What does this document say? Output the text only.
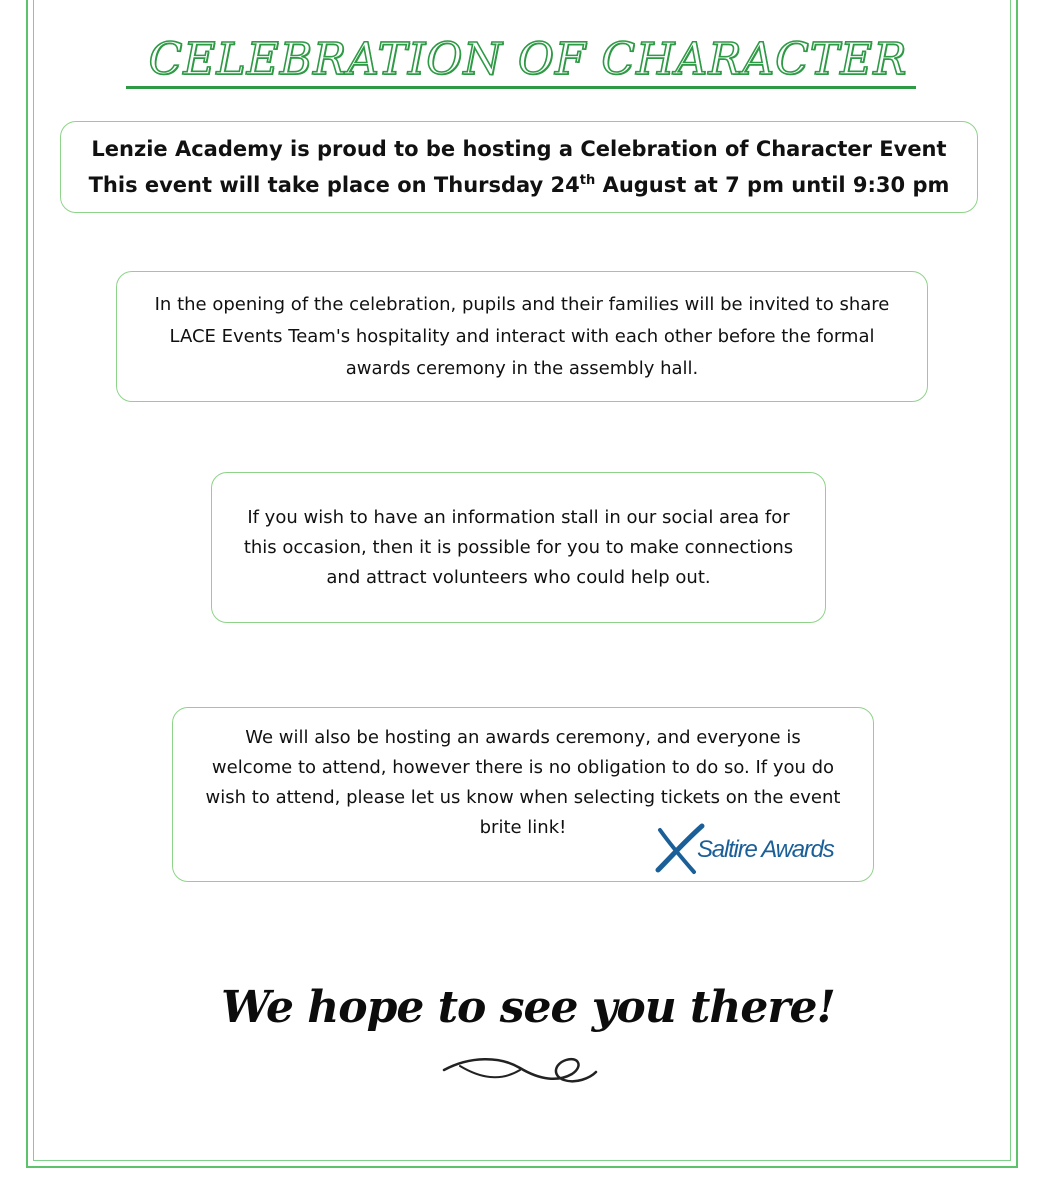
CELEBRATION OF CHARACTER
Lenzie Academy is proud to be hosting a Celebration of Character Event
This event will take place on Thursday 24th August at 7 pm until 9:30 pm
In the opening of the celebration, pupils and their families will be invited to share LACE Events Team's hospitality and interact with each other before the formal awards ceremony in the assembly hall.
If you wish to have an information stall in our social area for this occasion, then it is possible for you to make connections and attract volunteers who could help out.
We will also be hosting an awards ceremony, and everyone is welcome to attend, however there is no obligation to do so. If you do wish to attend, please let us know when selecting tickets on the event brite link!
Saltire Awards
We hope to see you there!
